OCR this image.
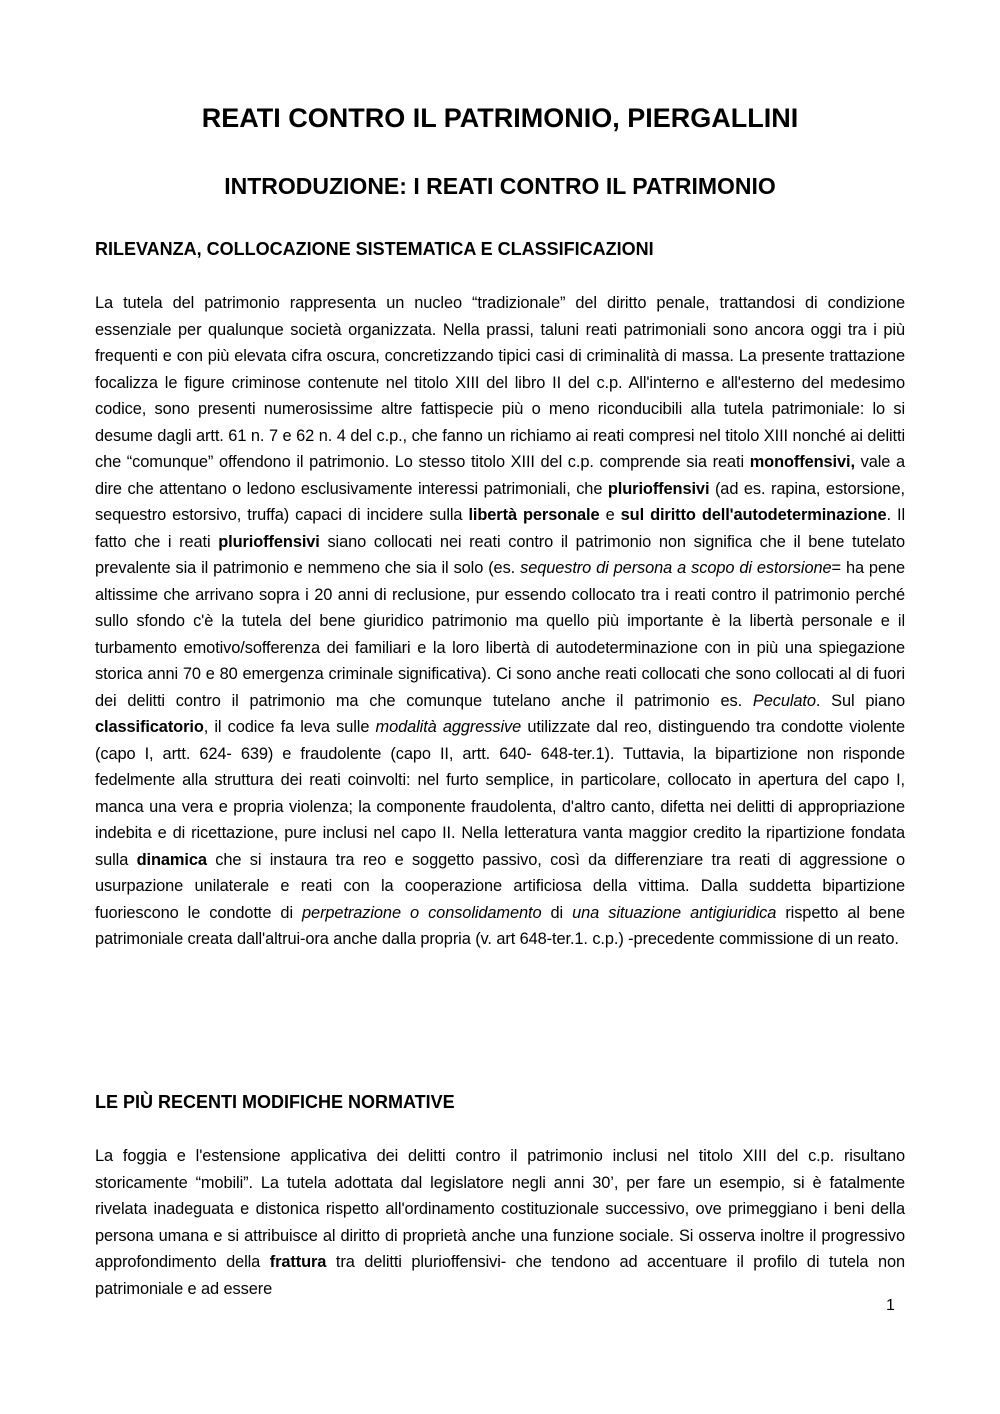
REATI CONTRO IL PATRIMONIO, PIERGALLINI
INTRODUZIONE: I REATI CONTRO IL PATRIMONIO
RILEVANZA, COLLOCAZIONE SISTEMATICA E CLASSIFICAZIONI
La tutela del patrimonio rappresenta un nucleo “tradizionale” del diritto penale, trattandosi di condizione essenziale per qualunque società organizzata. Nella prassi, taluni reati patrimoniali sono ancora oggi tra i più frequenti e con più elevata cifra oscura, concretizzando tipici casi di criminalità di massa. La presente trattazione focalizza le figure criminose contenute nel titolo XIII del libro II del c.p. All'interno e all'esterno del medesimo codice, sono presenti numerosissime altre fattispecie più o meno riconducibili alla tutela patrimoniale: lo si desume dagli artt. 61 n. 7 e 62 n. 4 del c.p., che fanno un richiamo ai reati compresi nel titolo XIII nonché ai delitti che “comunque” offendono il patrimonio. Lo stesso titolo XIII del c.p. comprende sia reati monoffensivi, vale a dire che attentano o ledono esclusivamente interessi patrimoniali, che plurioffensivi (ad es. rapina, estorsione, sequestro estorsivo, truffa) capaci di incidere sulla libertà personale e sul diritto dell'autodeterminazione. Il fatto che i reati plurioffensivi siano collocati nei reati contro il patrimonio non significa che il bene tutelato prevalente sia il patrimonio e nemmeno che sia il solo (es. sequestro di persona a scopo di estorsione= ha pene altissime che arrivano sopra i 20 anni di reclusione, pur essendo collocato tra i reati contro il patrimonio perché sullo sfondo c'è la tutela del bene giuridico patrimonio ma quello più importante è la libertà personale e il turbamento emotivo/sofferenza dei familiari e la loro libertà di autodeterminazione con in più una spiegazione storica anni 70 e 80 emergenza criminale significativa). Ci sono anche reati collocati che sono collocati al di fuori dei delitti contro il patrimonio ma che comunque tutelano anche il patrimonio es. Peculato. Sul piano classificatorio, il codice fa leva sulle modalità aggressive utilizzate dal reo, distinguendo tra condotte violente (capo I, artt. 624- 639) e fraudolente (capo II, artt. 640- 648-ter.1). Tuttavia, la bipartizione non risponde fedelmente alla struttura dei reati coinvolti: nel furto semplice, in particolare, collocato in apertura del capo I, manca una vera e propria violenza; la componente fraudolenta, d'altro canto, difetta nei delitti di appropriazione indebita e di ricettazione, pure inclusi nel capo II. Nella letteratura vanta maggior credito la ripartizione fondata sulla dinamica che si instaura tra reo e soggetto passivo, così da differenziare tra reati di aggressione o usurpazione unilaterale e reati con la cooperazione artificiosa della vittima. Dalla suddetta bipartizione fuoriescono le condotte di perpetrazione o consolidamento di una situazione antigiuridica rispetto al bene patrimoniale creata dall'altrui-ora anche dalla propria (v. art 648-ter.1. c.p.) -precedente commissione di un reato.
LE PIÙ RECENTI MODIFICHE NORMATIVE
La foggia e l'estensione applicativa dei delitti contro il patrimonio inclusi nel titolo XIII del c.p. risultano storicamente “mobili”. La tutela adottata dal legislatore negli anni 30’, per fare un esempio, si è fatalmente rivelata inadeguata e distonica rispetto all'ordinamento costituzionale successivo, ove primeggiano i beni della persona umana e si attribuisce al diritto di proprietà anche una funzione sociale. Si osserva inoltre il progressivo approfondimento della frattura tra delitti plurioffensivi- che tendono ad accentuare il profilo di tutela non patrimoniale e ad essere
1
